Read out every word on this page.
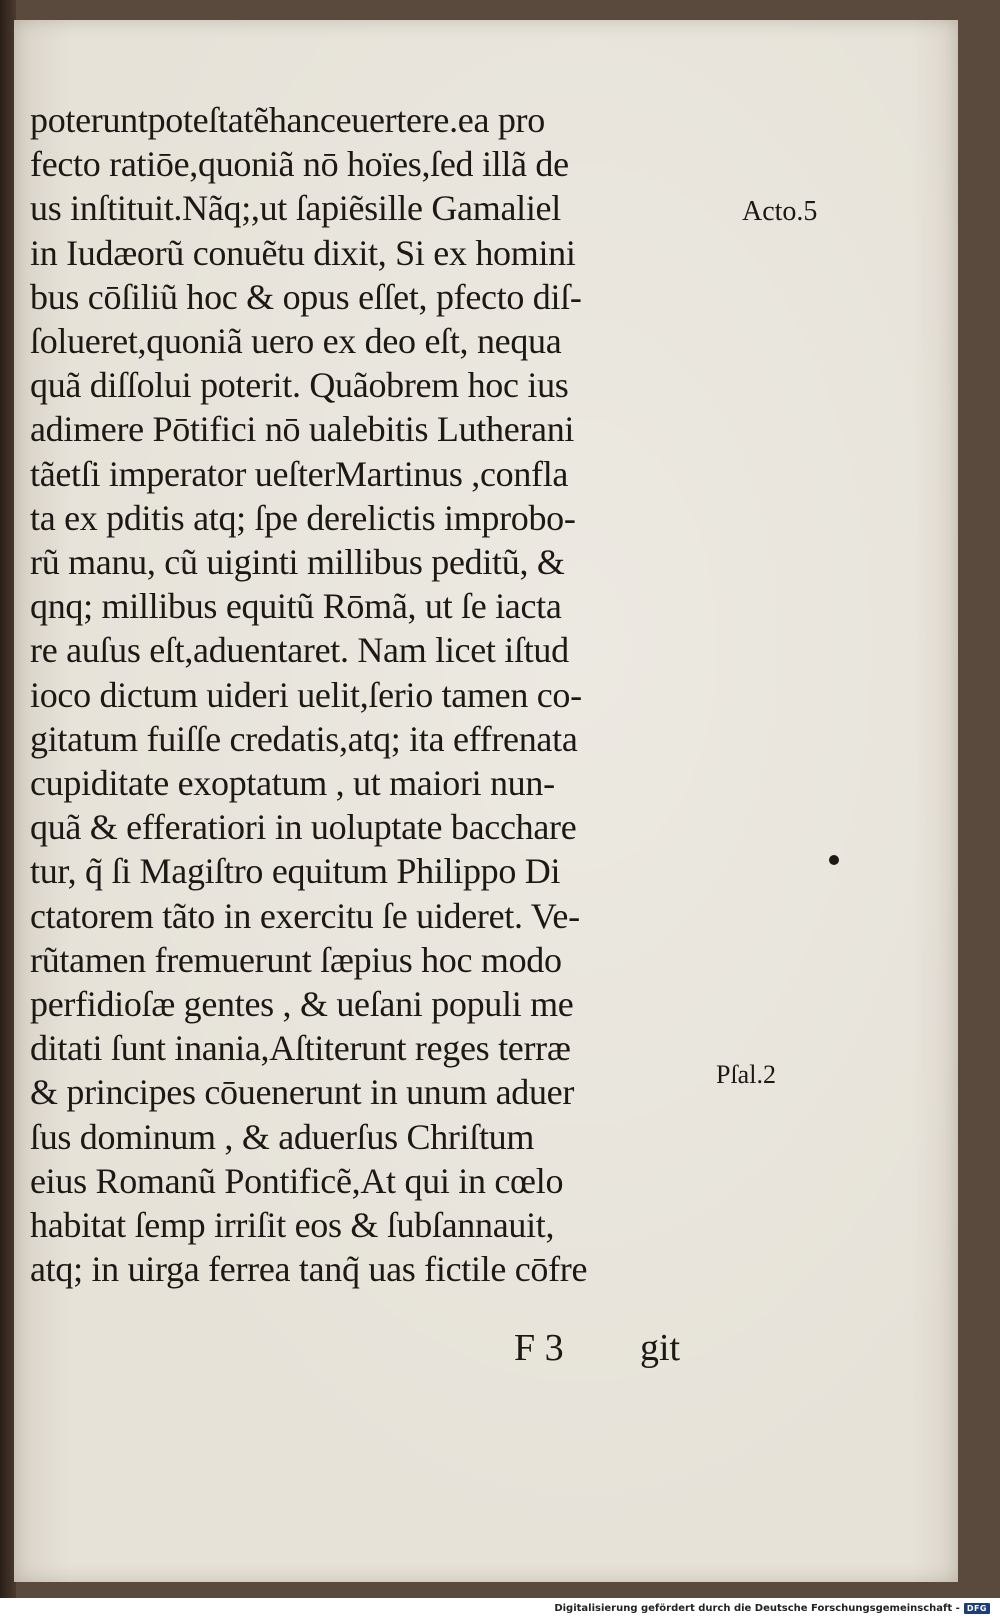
poteruntpoteſtatẽhanceuertere.ea pro
fecto ratiōe,quoniã nō hoïes,ſed illã de
us inſtituit.Nãq;,ut ſapiẽsille Gamaliel
in Iudæorũ conuẽtu dixit, Si ex homini
bus cōſiliũ hoc & opus eſſet, pfecto diſ-
ſolueret,quoniã uero ex deo eſt, nequa
quã diſſolui poterit. Quãobrem hoc ius
adimere Pōtifici nō ualebitis Lutherani
tãetſi imperator ueſterMartinus ,confla
ta ex pditis atq; ſpe derelictis improbo-
rũ manu, cũ uiginti millibus peditũ, &
qnq; millibus equitũ Rōmã, ut ſe iacta
re auſus eſt,aduentaret. Nam licet iſtud
ioco dictum uideri uelit,ſerio tamen co-
gitatum fuiſſe credatis,atq; ita effrenata
cupiditate exoptatum , ut maiori nun-
quã & efferatiori in uoluptate bacchare
tur, q̃ ſi Magiſtro equitum Philippo Di
ctatorem tãto in exercitu ſe uideret. Ve-
rũtamen fremuerunt ſæpius hoc modo
perfidioſæ gentes , & ueſani populi me
ditati ſunt inania,Aſtiterunt reges terræ
& principes cōuenerunt in unum aduer
ſus dominum , & aduerſus Chriſtum
eius Romanũ Pontificẽ,At qui in cœlo
habitat ſemp irriſit eos & ſubſannauit,
atq; in uirga ferrea tanq̃ uas fictile cōfre
Acto.5
Pſal.2
F 3 git
Digitalisierung gefördert durch die Deutsche Forschungsgemeinschaft - DFG
